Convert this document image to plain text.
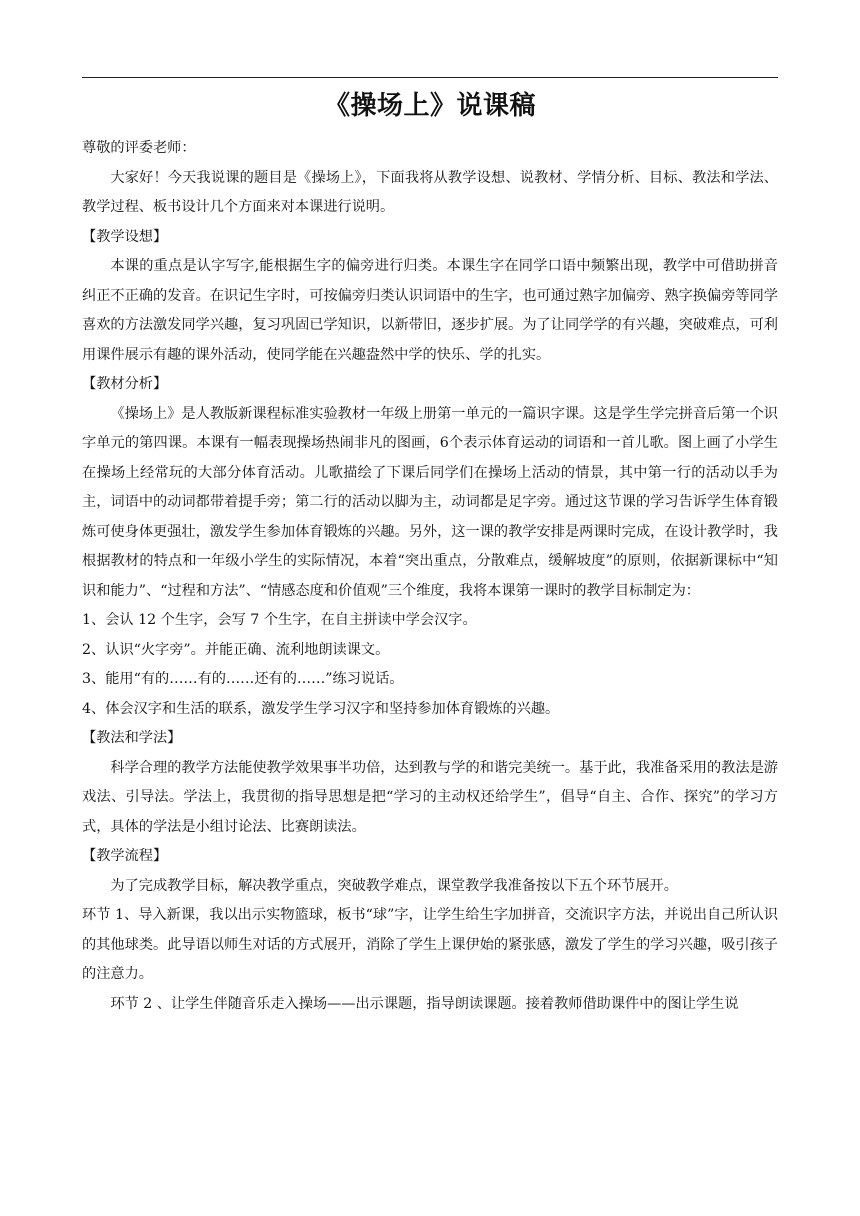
《操场上》说课稿

尊敬的评委老师：

大家好！今天我说课的题目是《操场上》，下面我将从教学设想、说教材、学情分析、目标、教法和学法、教学过程、板书设计几个方面来对本课进行说明。

【教学设想】

本课的重点是认字写字,能根据生字的偏旁进行归类。本课生字在同学口语中频繁出现，教学中可借助拼音纠正不正确的发音。在识记生字时，可按偏旁归类认识词语中的生字，也可通过熟字加偏旁、熟字换偏旁等同学喜欢的方法激发同学兴趣，复习巩固已学知识，以新带旧，逐步扩展。为了让同学学的有兴趣，突破难点，可利用课件展示有趣的课外活动，使同学能在兴趣盎然中学的快乐、学的扎实。

【教材分析】

《操场上》是人教版新课程标准实验教材一年级上册第一单元的一篇识字课。这是学生学完拼音后第一个识字单元的第四课。本课有一幅表现操场热闹非凡的图画，6个表示体育运动的词语和一首儿歌。图上画了小学生在操场上经常玩的大部分体育活动。儿歌描绘了下课后同学们在操场上活动的情景，其中第一行的活动以手为主，词语中的动词都带着提手旁；第二行的活动以脚为主，动词都是足字旁。通过这节课的学习告诉学生体育锻炼可使身体更强壮，激发学生参加体育锻炼的兴趣。另外，这一课的教学安排是两课时完成，在设计教学时，我根据教材的特点和一年级小学生的实际情况，本着“突出重点，分散难点，缓解坡度”的原则，依据新课标中“知识和能力”、“过程和方法”、“情感态度和价值观”三个维度，我将本课第一课时的教学目标制定为：

1、会认 12 个生字，会写 7 个生字，在自主拼读中学会汉字。

2、认识“火字旁”。并能正确、流利地朗读课文。

3、能用“有的……有的……还有的……”练习说话。

4、体会汉字和生活的联系，激发学生学习汉字和坚持参加体育锻炼的兴趣。

【教法和学法】

科学合理的教学方法能使教学效果事半功倍，达到教与学的和谐完美统一。基于此，我准备采用的教法是游戏法、引导法。学法上，我贯彻的指导思想是把“学习的主动权还给学生”，倡导“自主、合作、探究”的学习方式，具体的学法是小组讨论法、比赛朗读法。

【教学流程】

为了完成教学目标，解决教学重点，突破教学难点，课堂教学我准备按以下五个环节展开。

环节 1、导入新课，我以出示实物篮球，板书“球”字，让学生给生字加拼音，交流识字方法，并说出自己所认识的其他球类。此导语以师生对话的方式展开，消除了学生上课伊始的紧张感，激发了学生的学习兴趣，吸引孩子的注意力。

环节 2 、让学生伴随音乐走入操场——出示课题，指导朗读课题。接着教师借助课件中的图让学生说
